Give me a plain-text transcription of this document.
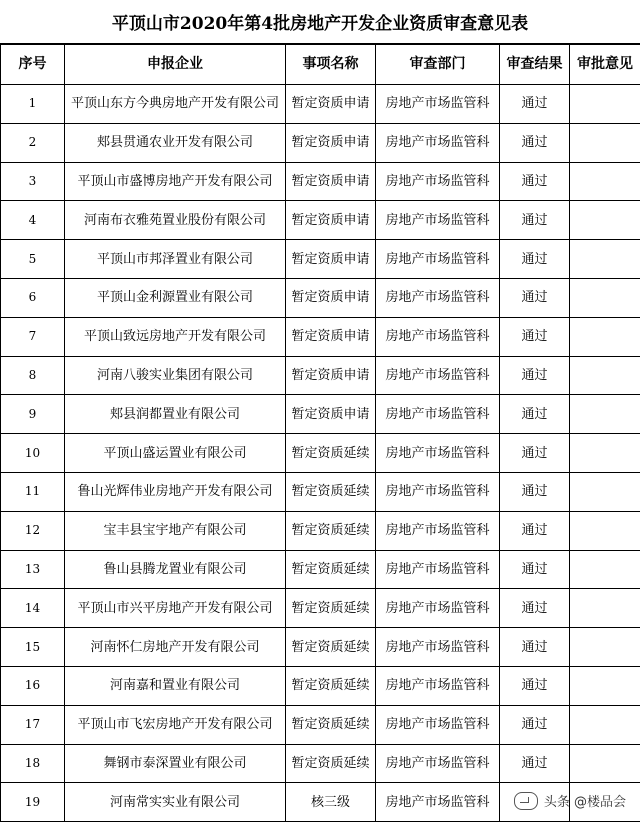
平顶山市2020年第4批房地产开发企业资质审查意见表
序号	申报企业	事项名称	审查部门	审查结果	审批意见
1	平顶山东方今典房地产开发有限公司	暂定资质申请	房地产市场监管科	通过	
2	郏县贯通农业开发有限公司	暂定资质申请	房地产市场监管科	通过	
3	平顶山市盛博房地产开发有限公司	暂定资质申请	房地产市场监管科	通过	
4	河南布衣雅苑置业股份有限公司	暂定资质申请	房地产市场监管科	通过	
5	平顶山市邦泽置业有限公司	暂定资质申请	房地产市场监管科	通过	
6	平顶山金利源置业有限公司	暂定资质申请	房地产市场监管科	通过	
7	平顶山致远房地产开发有限公司	暂定资质申请	房地产市场监管科	通过	
8	河南八骏实业集团有限公司	暂定资质申请	房地产市场监管科	通过	
9	郏县润都置业有限公司	暂定资质申请	房地产市场监管科	通过	
10	平顶山盛运置业有限公司	暂定资质延续	房地产市场监管科	通过	
11	鲁山光辉伟业房地产开发有限公司	暂定资质延续	房地产市场监管科	通过	
12	宝丰县宝宇地产有限公司	暂定资质延续	房地产市场监管科	通过	
13	鲁山县腾龙置业有限公司	暂定资质延续	房地产市场监管科	通过	
14	平顶山市兴平房地产开发有限公司	暂定资质延续	房地产市场监管科	通过	
15	河南怀仁房地产开发有限公司	暂定资质延续	房地产市场监管科	通过	
16	河南嘉和置业有限公司	暂定资质延续	房地产市场监管科	通过	
17	平顶山市飞宏房地产开发有限公司	暂定资质延续	房地产市场监管科	通过	
18	舞钢市泰深置业有限公司	暂定资质延续	房地产市场监管科	通过	
19	河南常实实业有限公司	核三级	房地产市场监管科			头条 @楼品会
